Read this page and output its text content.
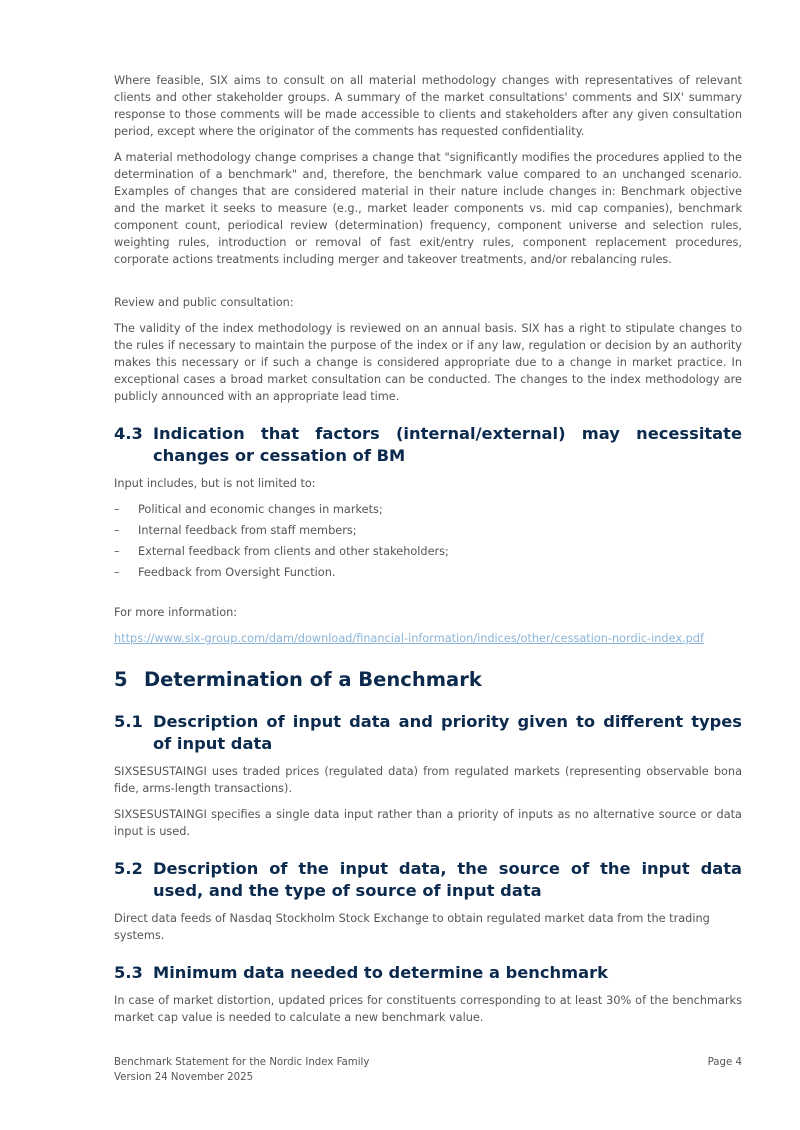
Where feasible, SIX aims to consult on all material methodology changes with representatives of relevant clients and other stakeholder groups. A summary of the market consultations' comments and SIX' summary response to those comments will be made accessible to clients and stakeholders after any given consultation period, except where the originator of the comments has requested confidentiality.

A material methodology change comprises a change that "significantly modifies the procedures applied to the determination of a benchmark" and, therefore, the benchmark value compared to an unchanged scenario. Examples of changes that are considered material in their nature include changes in: Benchmark objective and the market it seeks to measure (e.g., market leader components vs. mid cap companies), benchmark component count, periodical review (determination) frequency, component universe and selection rules, weighting rules, introduction or removal of fast exit/entry rules, component replacement procedures, corporate actions treatments including merger and takeover treatments, and/or rebalancing rules.

Review and public consultation:

The validity of the index methodology is reviewed on an annual basis. SIX has a right to stipulate changes to the rules if necessary to maintain the purpose of the index or if any law, regulation or decision by an authority makes this necessary or if such a change is considered appropriate due to a change in market practice. In exceptional cases a broad market consultation can be conducted. The changes to the index methodology are publicly announced with an appropriate lead time.

4.3 Indication that factors (internal/external) may necessitate changes or cessation of BM

Input includes, but is not limited to:

–	Political and economic changes in markets;
–	Internal feedback from staff members;
–	External feedback from clients and other stakeholders;
–	Feedback from Oversight Function.

For more information:

https://www.six-group.com/dam/download/financial-information/indices/other/cessation-nordic-index.pdf

5 Determination of a Benchmark
5.1 Description of input data and priority given to different types of input data

SIXSESUSTAINGI uses traded prices (regulated data) from regulated markets (representing observable bona fide, arms-length transactions).

SIXSESUSTAINGI specifies a single data input rather than a priority of inputs as no alternative source or data input is used.

5.2 Description of the input data, the source of the input data used, and the type of source of input data

Direct data feeds of Nasdaq Stockholm Stock Exchange to obtain regulated market data from the trading systems.

5.3 Minimum data needed to determine a benchmark

In case of market distortion, updated prices for constituents corresponding to at least 30% of the benchmarks market cap value is needed to calculate a new benchmark value.

Benchmark Statement for the Nordic Index Family
Version 24 November 2025
Page 4
